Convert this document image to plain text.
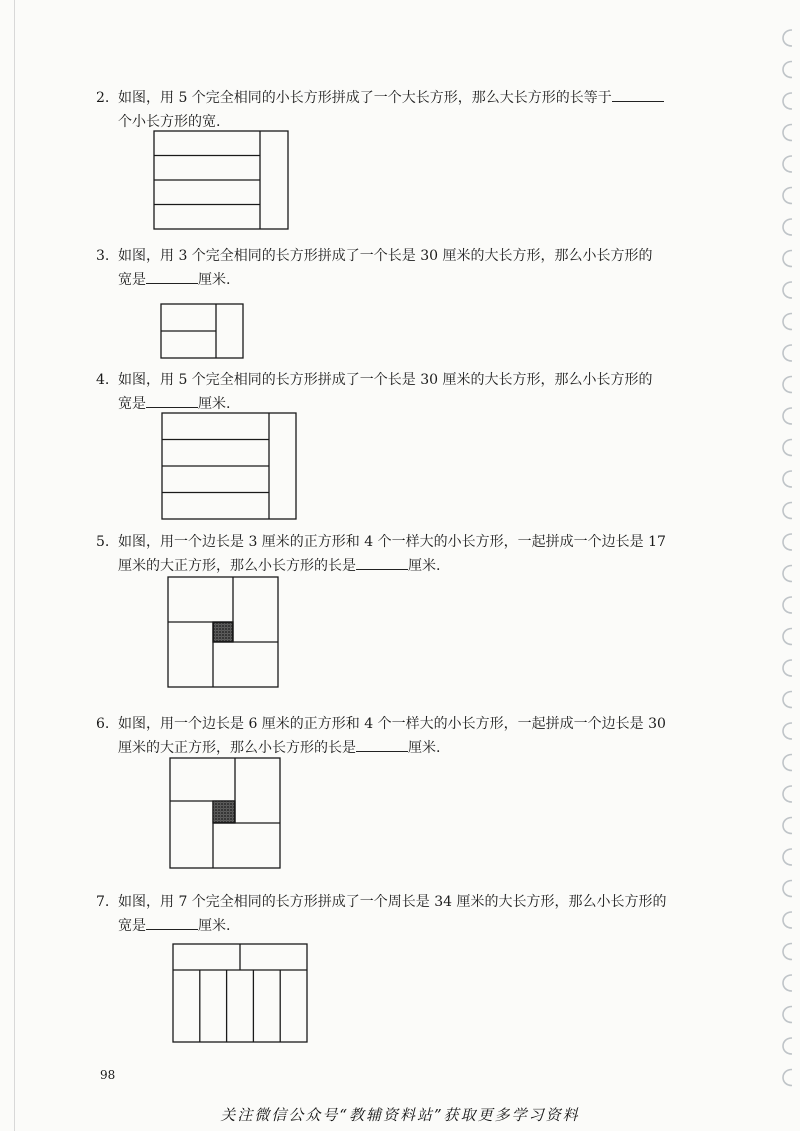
2. 如图，用 5 个完全相同的小长方形拼成了一个大长方形，那么大长方形的长等于
个小长方形的宽.
3. 如图，用 3 个完全相同的长方形拼成了一个长是 30 厘米的大长方形，那么小长方形的
宽是	厘米.
4. 如图，用 5 个完全相同的长方形拼成了一个长是 30 厘米的大长方形，那么小长方形的
宽是	厘米.
5. 如图，用一个边长是 3 厘米的正方形和 4 个一样大的小长方形，一起拼成一个边长是 17
厘米的大正方形，那么小长方形的长是	厘米.
6. 如图，用一个边长是 6 厘米的正方形和 4 个一样大的小长方形，一起拼成一个边长是 30
厘米的大正方形，那么小长方形的长是	厘米.
7. 如图，用 7 个完全相同的长方形拼成了一个周长是 34 厘米的大长方形，那么小长方形的
宽是	厘米.
98
关注微信公众号“教辅资料站”获取更多学习资料
